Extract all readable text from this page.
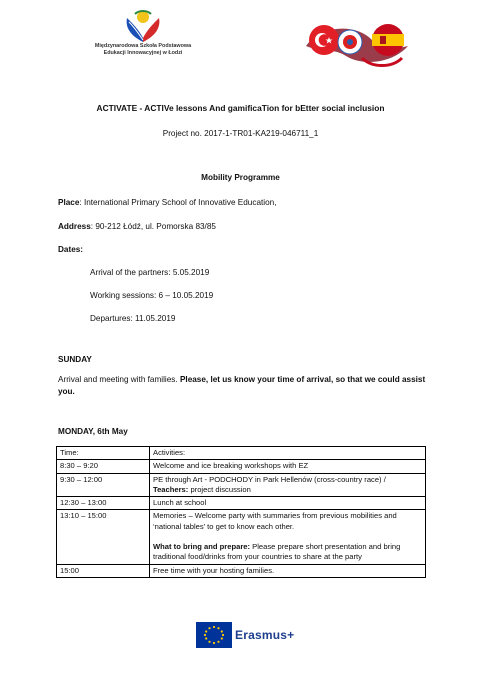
Międzynarodowa Szkoła Podstawowa
Edukacji Innowacyjnej w Łodzi
ACTIVATE - ACTIVe lessons And gamificaTion for bEtter social inclusion
Project no. 2017-1-TR01-KA219-046711_1
Mobility Programme
Place: International Primary School of Innovative Education,
Address: 90-212 Łódź, ul. Pomorska 83/85
Dates:
Arrival of the partners: 5.05.2019
Working sessions: 6 – 10.05.2019
Departures: 11.05.2019
SUNDAY
Arrival and meeting with families. Please, let us know your time of arrival, so that we could assist you.
MONDAY, 6th May
Time:	Activities:
8:30 – 9:20	Welcome and ice breaking workshops with EZ
9:30 – 12:00	PE through Art - PODCHODY in Park Hellenów (cross-country race) / Teachers: project discussion
12:30 – 13:00	Lunch at school
13:10 – 15:00	Memories – Welcome party with summaries from previous mobilities and ‘national tables’ to get to know each other.
What to bring and prepare: Please prepare short presentation and bring traditional food/drinks from your countries to share at the party

15:00	Free time with your hosting families.
Erasmus+
